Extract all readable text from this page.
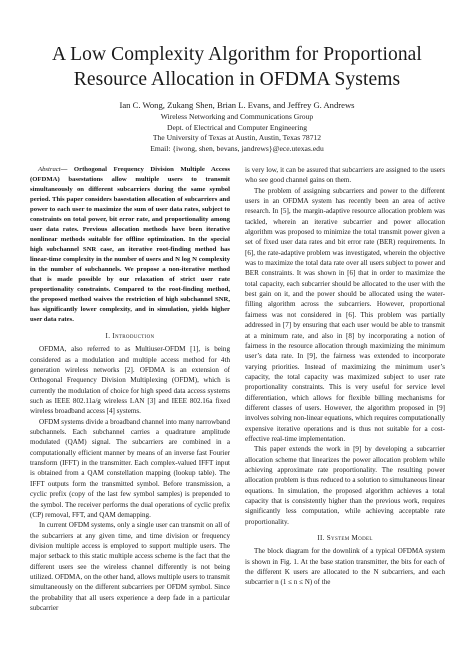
A Low Complexity Algorithm for Proportional
Resource Allocation in OFDMA Systems
Ian C. Wong, Zukang Shen, Brian L. Evans, and Jeffrey G. Andrews
Wireless Networking and Communications Group
Dept. of Electrical and Computer Engineering
The University of Texas at Austin, Austin, Texas 78712
Email: {iwong, shen, bevans, jandrews}@ece.utexas.edu

Abstract— Orthogonal Frequency Division Multiple Access (OFDMA) basestations allow multiple users to transmit simultaneously on different subcarriers during the same symbol period. This paper considers basestation allocation of subcarriers and power to each user to maximize the sum of user data rates, subject to constraints on total power, bit error rate, and proportionality among user data rates. Previous allocation methods have been iterative nonlinear methods suitable for offline optimization. In the special high subchannel SNR case, an iterative root-finding method has linear-time complexity in the number of users and N log N complexity in the number of subchannels. We propose a non-iterative method that is made possible by our relaxation of strict user rate proportionality constraints. Compared to the root-finding method, the proposed method waives the restriction of high subchannel SNR, has significantly lower complexity, and in simulation, yields higher user data rates.

I. Introduction

OFDMA, also referred to as Multiuser-OFDM [1], is being considered as a modulation and multiple access method for 4th generation wireless networks [2]. OFDMA is an extension of Orthogonal Frequency Division Multiplexing (OFDM), which is currently the modulation of choice for high speed data access systems such as IEEE 802.11a/g wireless LAN [3] and IEEE 802.16a fixed wireless broadband access [4] systems.

OFDM systems divide a broadband channel into many narrowband subchannels. Each subchannel carries a quadrature amplitude modulated (QAM) signal. The subcarriers are combined in a computationally efficient manner by means of an inverse fast Fourier transform (IFFT) in the transmitter. Each complex-valued IFFT input is obtained from a QAM constellation mapping (lookup table). The IFFT outputs form the transmitted symbol. Before transmission, a cyclic prefix (copy of the last few symbol samples) is prepended to the symbol. The receiver performs the dual operations of cyclic prefix (CP) removal, FFT, and QAM demapping.

In current OFDM systems, only a single user can transmit on all of the subcarriers at any given time, and time division or frequency division multiple access is employed to support multiple users. The major setback to this static multiple access scheme is the fact that the different users see the wireless channel differently is not being utilized. OFDMA, on the other hand, allows multiple users to transmit simultaneously on the different subcarriers per OFDM symbol. Since the probability that all users experience a deep fade in a particular subcarrier

is very low, it can be assured that subcarriers are assigned to the users who see good channel gains on them.

The problem of assigning subcarriers and power to the different users in an OFDMA system has recently been an area of active research. In [5], the margin-adaptive resource allocation problem was tackled, wherein an iterative subcarrier and power allocation algorithm was proposed to minimize the total transmit power given a set of fixed user data rates and bit error rate (BER) requirements. In [6], the rate-adaptive problem was investigated, wherein the objective was to maximize the total data rate over all users subject to power and BER constraints. It was shown in [6] that in order to maximize the total capacity, each subcarrier should be allocated to the user with the best gain on it, and the power should be allocated using the water-filling algorithm across the subcarriers. However, proportional fairness was not considered in [6]. This problem was partially addressed in [7] by ensuring that each user would be able to transmit at a minimum rate, and also in [8] by incorporating a notion of fairness in the resource allocation through maximizing the minimum user’s data rate. In [9], the fairness was extended to incorporate varying priorities. Instead of maximizing the minimum user’s capacity, the total capacity was maximized subject to user rate proportionality constraints. This is very useful for service level differentiation, which allows for flexible billing mechanisms for different classes of users. However, the algorithm proposed in [9] involves solving non-linear equations, which requires computationally expensive iterative operations and is thus not suitable for a cost-effective real-time implementation.

This paper extends the work in [9] by developing a subcarrier allocation scheme that linearizes the power allocation problem while achieving approximate rate proportionality. The resulting power allocation problem is thus reduced to a solution to simultaneous linear equations. In simulation, the proposed algorithm achieves a total capacity that is consistently higher than the previous work, requires significantly less computation, while achieving acceptable rate proportionality.

II. System Model

The block diagram for the downlink of a typical OFDMA system is shown in Fig. 1. At the base station transmitter, the bits for each of the different K users are allocated to the N subcarriers, and each subcarrier n (1 ≤ n ≤ N) of the
